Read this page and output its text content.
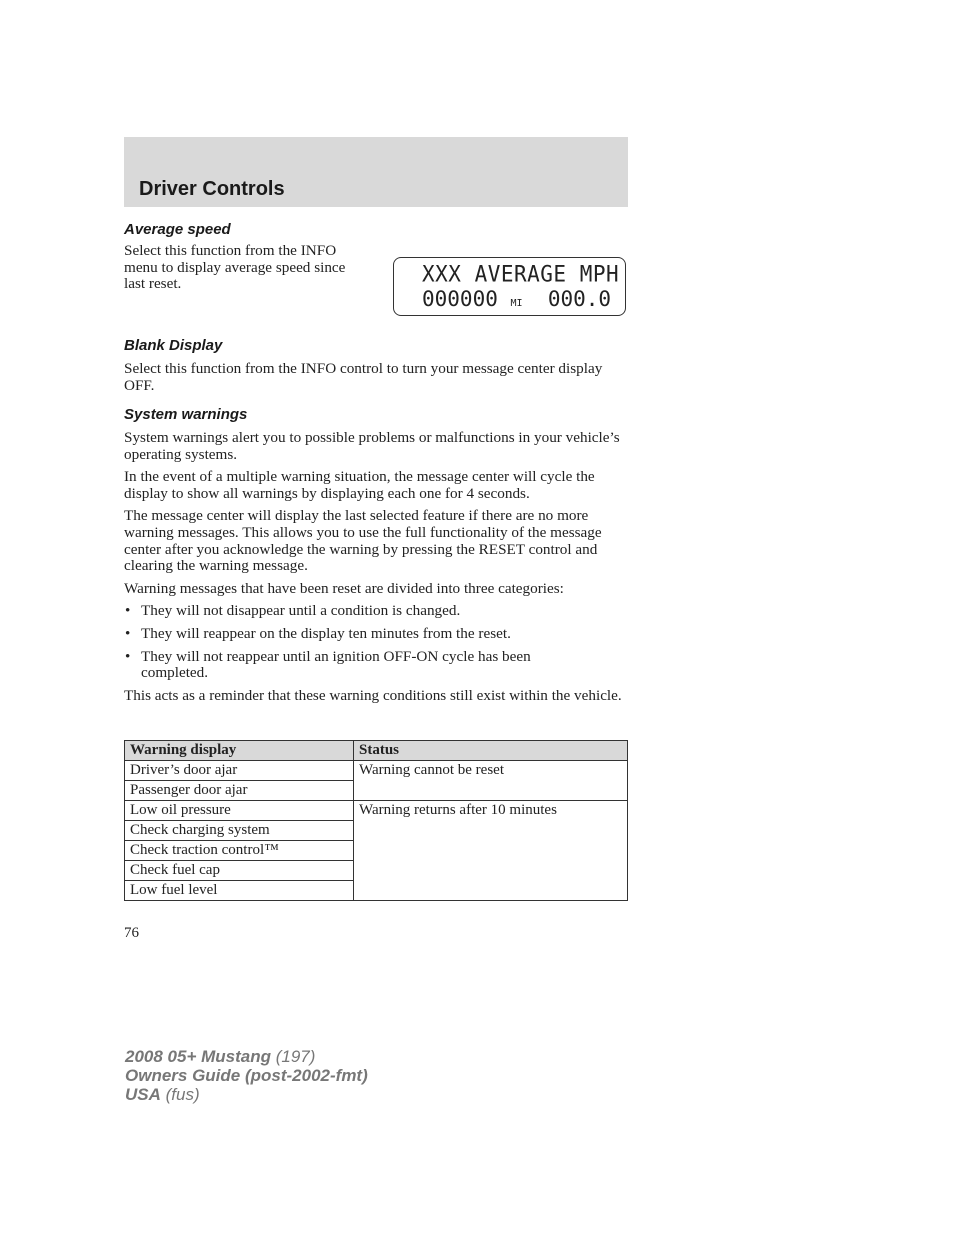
Driver Controls
Average speed
Select this function from the INFO
menu to display average speed since
last reset.	XXX AVERAGE MPH
000000 MI 000.0
Blank Display

Select this function from the INFO control to turn your message center display OFF.

System warnings

System warnings alert you to possible problems or malfunctions in your vehicle’s operating systems.

In the event of a multiple warning situation, the message center will cycle the display to show all warnings by displaying each one for 4 seconds.

The message center will display the last selected feature if there are no more warning messages. This allows you to use the full functionality of the message center after you acknowledge the warning by pressing the RESET control and clearing the warning message.

Warning messages that have been reset are divided into three categories:

• They will not disappear until a condition is changed.
• They will reappear on the display ten minutes from the reset.
• They will not reappear until an ignition OFF-ON cycle has been completed.

This acts as a reminder that these warning conditions still exist within the vehicle.

Warning display	Status
Driver’s door ajar	Warning cannot be reset
Passenger door ajar	
Low oil pressure	Warning returns after 10 minutes
Check charging system	
Check traction control™	
Check fuel cap	
Low fuel level	
76
2008 05+ Mustang (197)
Owners Guide (post-2002-fmt)
USA (fus)
